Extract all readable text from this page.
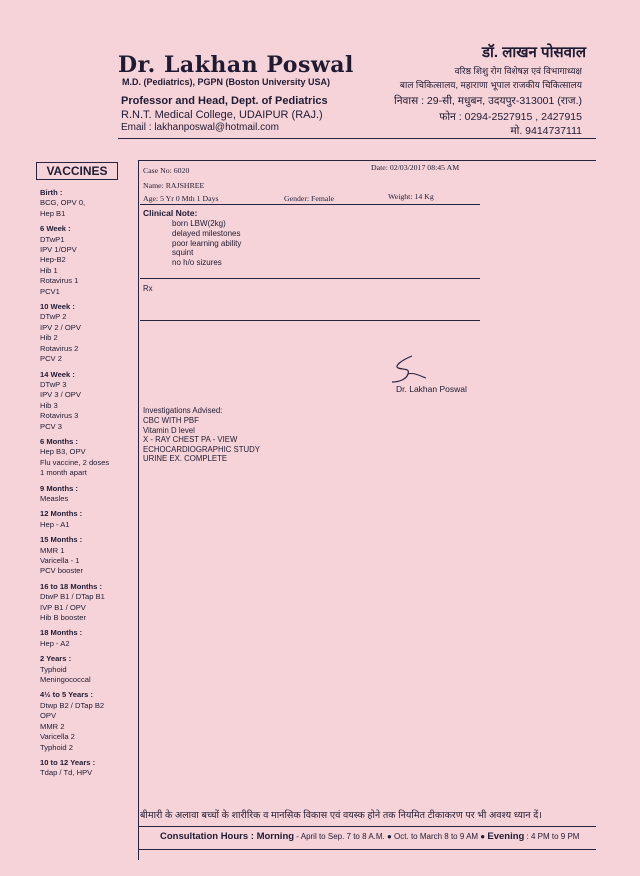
Dr. Lakhan Poswal
M.D. (Pediatrics), PGPN (Boston University USA)
Professor and Head, Dept. of Pediatrics
R.N.T. Medical College, UDAIPUR (RAJ.)
Email : lakhanposwal@hotmail.com
डॉ. लाखन पोसवाल
वरिष्ठ शिशु रोग विशेषज्ञ एवं विभागाध्यक्ष
बाल चिकित्सालय, महाराणा भूपाल राजकीय चिकित्सालय
निवास : 29-सी, मधुबन, उदयपुर-313001 (राज.)
फोन : 0294-2527915 , 2427915
मो. 9414737111
VACCINES
Birth :
BCG, OPV 0,
Hep B1
6 Week :
DTwP1
IPV 1/OPV
Hep-B2
Hib 1
Rotavirus 1
PCV1
10 Week :
DTwP 2
IPV 2 / OPV
Hib 2
Rotavirus 2
PCV 2
14 Week :
DTwP 3
IPV 3 / OPV
Hib 3
Rotavirus 3
PCV 3
6 Months :
Hep B3, OPV
Flu vaccine, 2 doses
1 month apart
9 Months :
Measles
12 Months :
Hep - A1
15 Months :
MMR 1
Varicella - 1
PCV booster
16 to 18 Months :
DtwP B1 / DTap B1
IVP B1 / OPV
Hib B booster
18 Months :
Hep - A2
2 Years :
Typhoid
Meningococcal
4½ to 5 Years :
Dtwp B2 / DTap B2
OPV
MMR 2
Varicella 2
Typhoid 2
10 to 12 Years :
Tdap / Td, HPV
Case No: 6020	Date: 02/03/2017 08:45 AM
Name: RAJSHREE
Age: 5 Yr 0 Mth 1 Days	Gender: Female	Weight: 14 Kg
Clinical Note:
born LBW(2kg)
delayed milestones
poor learning ability
squint
no h/o sizures
Rx
Dr. Lakhan Poswal
Investigations Advised:
CBC WITH PBF
Vitamin D level
X - RAY CHEST PA - VIEW
ECHOCARDIOGRAPHIC STUDY
URINE EX. COMPLETE
बीमारी के अलावा बच्चों के शारीरिक व मानसिक विकास एवं वयस्क होने तक नियमित टीकाकरण पर भी अवश्य ध्यान दें।
Consultation Hours : Morning - April to Sep. 7 to 8 A.M. ● Oct. to March 8 to 9 AM ● Evening : 4 PM to 9 PM
